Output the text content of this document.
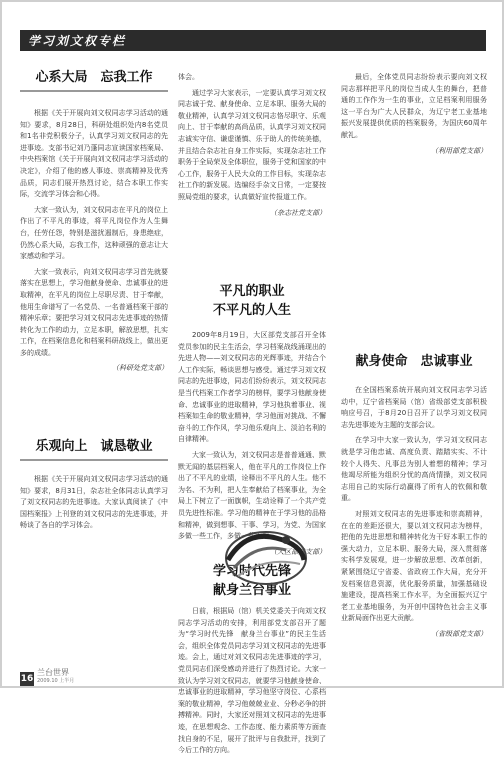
学习刘文权专栏
心系大局　忘我工作

根据《关于开展向刘文权同志学习活动的通知》要求，8月28日，科研处组织处内8名党员和1名非党积极分子，认真学习刘文权同志的先进事迹。支部书记刘乃蓬同志宣读国家档案局、中央档案馆《关于开展向刘文权同志学习活动的决定》，介绍了他的感人事迹、崇高精神及优秀品质，同志们展开热烈讨论，结合本职工作实际，交流学习体会和心得。

大家一致认为，刘文权同志在平凡的岗位上作出了不平凡的事迹，将平凡岗位作为人生舞台，任劳任怨，特别是滋扰遏制后，身患绝症，仍然心系大局，忘我工作，这种顽强的意志让大家感动和学习。

大家一致表示，向刘文权同志学习首先就要落实在思想上，学习他献身使命、忠诚事业的进取精神，在平凡的岗位上尽职尽责、甘于奉献，他用生命谱写了一名党员、一名普通档案干部的精神乐章；要把学习刘文权同志先进事迹的热情转化为工作的动力，立足本职，解放思想，扎实工作，在档案信息化和档案科研战线上，做出更多的成绩。

（科研处党支部）
乐观向上　诚恳敬业

根据《关于开展向刘文权同志学习活动的通知》要求，8月31日，杂志社全体同志认真学习了刘文权同志的先进事迹。大家认真阅读了《中国档案报》上刊登的刘文权同志的先进事迹，并畅谈了各自的学习体会。

体会。

通过学习大家表示，一定要认真学习刘文权同志诚于党、献身使命、立足本职、服务大局的敬业精神，认真学习刘文权同志恪尽职守、乐观向上、甘于奉献的高尚品质，认真学习刘文权同志诚实守信、谦虚谨慎、乐于助人的传统美德，并且结合杂志社自身工作实际，实现杂志社工作职务于全局荣及全体职位，服务于党和国家的中心工作，服务于人民大众的工作目标，实现杂志社工作的新发展。选编经手杂文日常，一定要按照局党组的要求，认真做好宣传报道工作。

（杂志社党支部）
平凡的职业
不平凡的人生

2009年8月19日，大区部党支部召开全体党员参加的民主生活会，学习档案战线涌现出的先进人物——刘文权同志的光辉事迹，并结合个人工作实际，畅谈思想与感受。通过学习刘文权同志的先进事迹，同志们纷纷表示，刘文权同志是当代档案工作者学习的榜样，要学习他献身使命、忠诚事业的进取精神，学习他执着事业、视档案如生命的敬业精神，学习他面对挑战、不懈奋斗的工作作风，学习他乐观向上、淡泊名利的自律精神。

大家一致认为，刘文权同志是普普通通、默默无闻的基层档案人，他在平凡的工作岗位上作出了不平凡的业绩，诠释出不平凡的人生。他不为名、不为利，把人生奉献给了档案事业，为全局上下树立了一面旗帜，生动诠释了一个共产党员先进性标准。学习他的精神在于学习他的品格和精神，做到想事、干事、学习，为党、为国家多做一些工作，多做一些贡献。

（大区部党支部）
学习时代先锋
献身兰台事业

日前，根据局（馆）机关党委关于向刘文权同志学习活动的安排，利用部党支部召开了题为“学习时代先锋　献身兰台事业”的民主生活会，组织全体党员同志学习刘文权同志的先进事迹。会上，通过对刘文权同志先进事迹的学习，党员同志们深受感动并进行了热烈讨论。大家一致认为学习刘文权同志，就要学习他献身使命、忠诚事业的进取精神，学习他坚守岗位、心系档案的敬业精神，学习他兢兢业业、分秒必争的拼搏精神。同时，大家还对照刘文权同志的先进事迹，在思想观念、工作态度、能力素质等方面查找自身的不足，展开了批评与自我批评，找到了今后工作的方向。

最后，全体党员同志纷纷表示要向刘文权同志那样把平凡的岗位当成人生的舞台，把普通的工作作为一生的事业，立足档案利用服务这一平台为广大人民群众，为辽宁老工业基地振兴发展提供优质的档案服务，为国庆60周年献礼。

（利用部党支部）
献身使命　忠诚事业

在全国档案系统开展向刘文权同志学习活动中，辽宁省档案局（馆）省级部党支部积极响应号召，于8月20日召开了以学习刘文权同志先进事迹为主题的支部会议。

在学习中大家一致认为，学习刘文权同志就是学习他忠诚、高度负责、踏踏实实、不计较个人得失、凡事总为别人着想的精神；学习他竭尽所能为组织分忧的高尚情操，刘文权同志用自己的实际行动赢得了所有人的钦佩和敬重。

对照刘文权同志的先进事迹和崇高精神，在在的差距还很大，要以刘文权同志为榜样，把他的先进思想和精神转化为干好本职工作的强大动力，立足本职、服务大局，深入贯彻落实科学发展观，进一步解放思想、改革创新，紧紧围绕辽宁省委、省政府工作大局，充分开发档案信息资源，优化服务质量，加强基础设施建设，提高档案工作水平，为全面振兴辽宁老工业基地服务，为开创中国特色社会主义事业新局面作出更大贡献。

（省级部党支部）
16
兰台世界
2009.10 上半月
